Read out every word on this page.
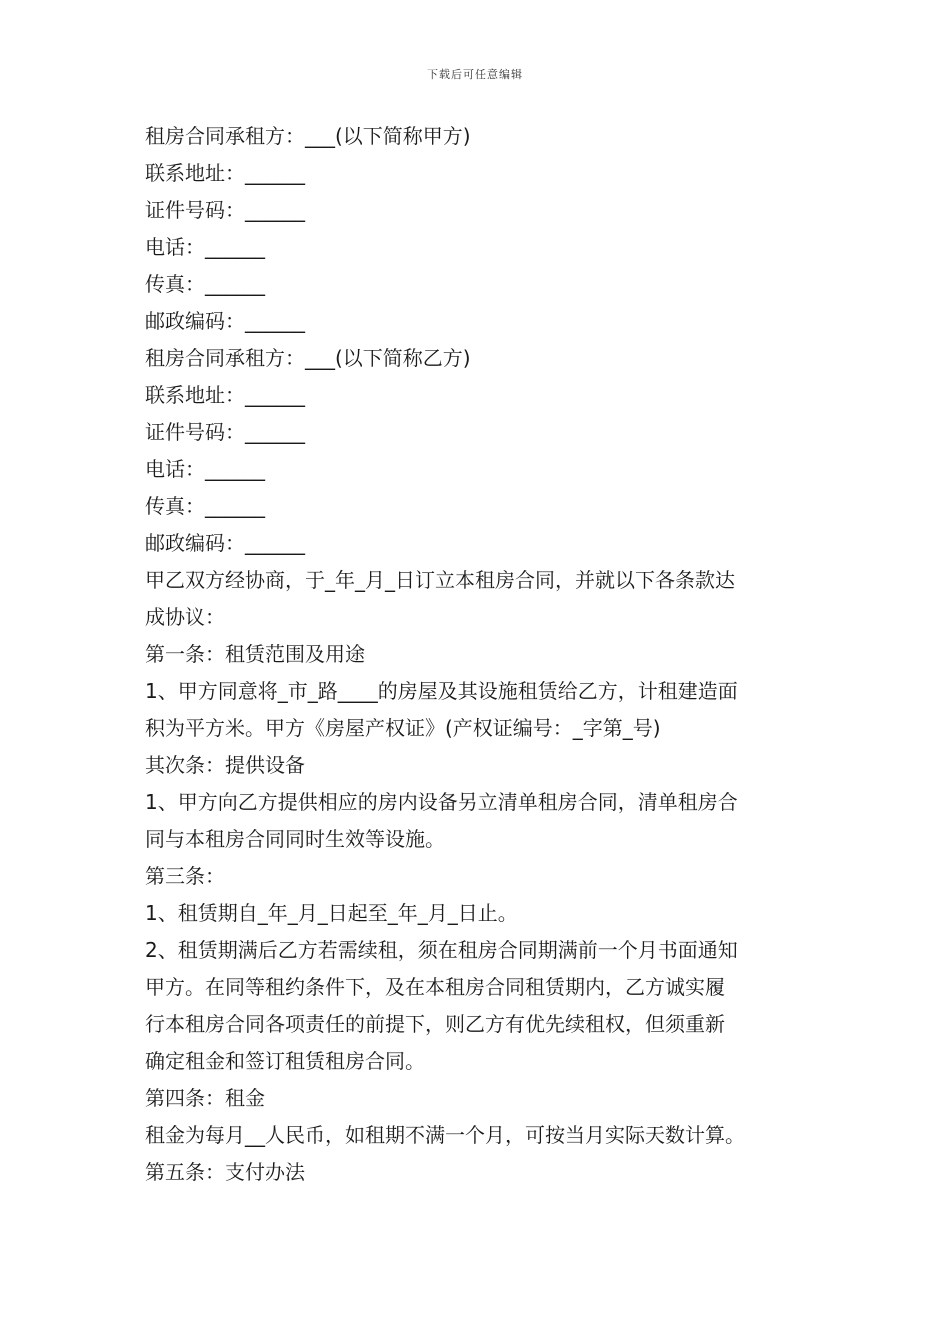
下载后可任意编辑
租房合同承租方：___(以下简称甲方)
联系地址：______
证件号码：______
电话：______
传真：______
邮政编码：______
租房合同承租方：___(以下简称乙方)
联系地址：______
证件号码：______
电话：______
传真：______
邮政编码：______
甲乙双方经协商，于_年_月_日订立本租房合同，并就以下各条款达
成协议：
第一条：租赁范围及用途
1、甲方同意将_市_路____的房屋及其设施租赁给乙方，计租建造面
积为平方米。甲方《房屋产权证》(产权证编号：_字第_号)
其次条：提供设备
1、甲方向乙方提供相应的房内设备另立清单租房合同，清单租房合
同与本租房合同同时生效等设施。
第三条：
1、租赁期自_年_月_日起至_年_月_日止。
2、租赁期满后乙方若需续租，须在租房合同期满前一个月书面通知
甲方。在同等租约条件下，及在本租房合同租赁期内，乙方诚实履
行本租房合同各项责任的前提下，则乙方有优先续租权，但须重新
确定租金和签订租赁租房合同。
第四条：租金
租金为每月__人民币，如租期不满一个月，可按当月实际天数计算。
第五条：支付办法
